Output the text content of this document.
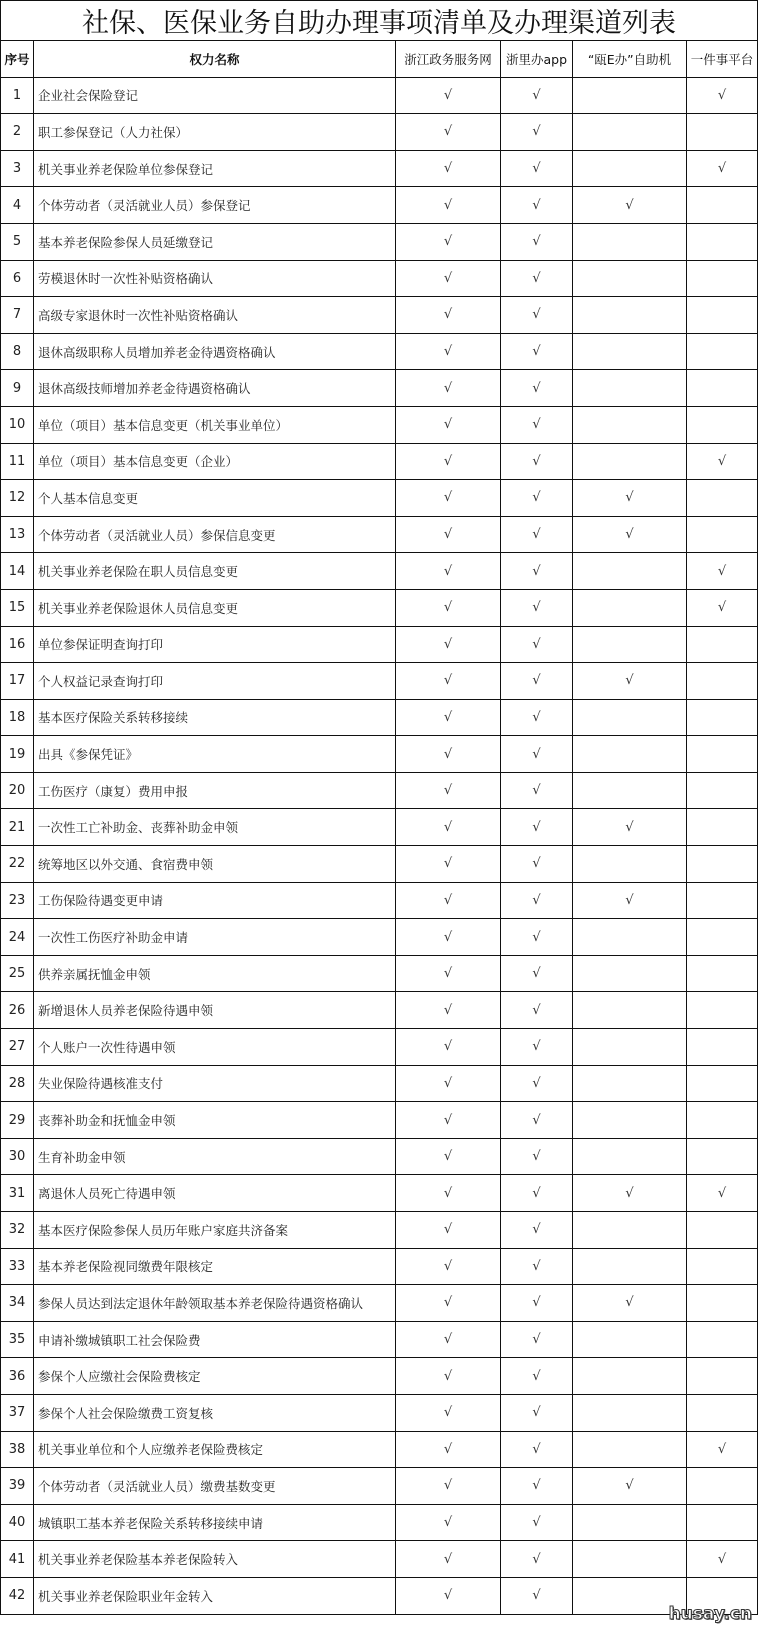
社保、医保业务自助办理事项清单及办理渠道列表					
序号	权力名称	浙江政务服务网	浙里办app	“瓯E办”自助机	一件事平台
1	企业社会保险登记	√	√		√
2	职工参保登记（人力社保）	√	√		
3	机关事业养老保险单位参保登记	√	√		√
4	个体劳动者（灵活就业人员）参保登记	√	√	√	
5	基本养老保险参保人员延缴登记	√	√		
6	劳模退休时一次性补贴资格确认	√	√		
7	高级专家退休时一次性补贴资格确认	√	√		
8	退休高级职称人员增加养老金待遇资格确认	√	√		
9	退休高级技师增加养老金待遇资格确认	√	√		
10	单位（项目）基本信息变更（机关事业单位）	√	√		
11	单位（项目）基本信息变更（企业）	√	√		√
12	个人基本信息变更	√	√	√	
13	个体劳动者（灵活就业人员）参保信息变更	√	√	√	
14	机关事业养老保险在职人员信息变更	√	√		√
15	机关事业养老保险退休人员信息变更	√	√		√
16	单位参保证明查询打印	√	√		
17	个人权益记录查询打印	√	√	√	
18	基本医疗保险关系转移接续	√	√		
19	出具《参保凭证》	√	√		
20	工伤医疗（康复）费用申报	√	√		
21	一次性工亡补助金、丧葬补助金申领	√	√	√	
22	统筹地区以外交通、食宿费申领	√	√		
23	工伤保险待遇变更申请	√	√	√	
24	一次性工伤医疗补助金申请	√	√		
25	供养亲属抚恤金申领	√	√		
26	新增退休人员养老保险待遇申领	√	√		
27	个人账户一次性待遇申领	√	√		
28	失业保险待遇核准支付	√	√		
29	丧葬补助金和抚恤金申领	√	√		
30	生育补助金申领	√	√		
31	离退休人员死亡待遇申领	√	√	√	√
32	基本医疗保险参保人员历年账户家庭共济备案	√	√		
33	基本养老保险视同缴费年限核定	√	√		
34	参保人员达到法定退休年龄领取基本养老保险待遇资格确认	√	√	√	
35	申请补缴城镇职工社会保险费	√	√		
36	参保个人应缴社会保险费核定	√	√		
37	参保个人社会保险缴费工资复核	√	√		
38	机关事业单位和个人应缴养老保险费核定	√	√		√
39	个体劳动者（灵活就业人员）缴费基数变更	√	√	√	
40	城镇职工基本养老保险关系转移接续申请	√	√		
41	机关事业养老保险基本养老保险转入	√	√		√
42	机关事业养老保险职业年金转入	√	√		
husay.cn
